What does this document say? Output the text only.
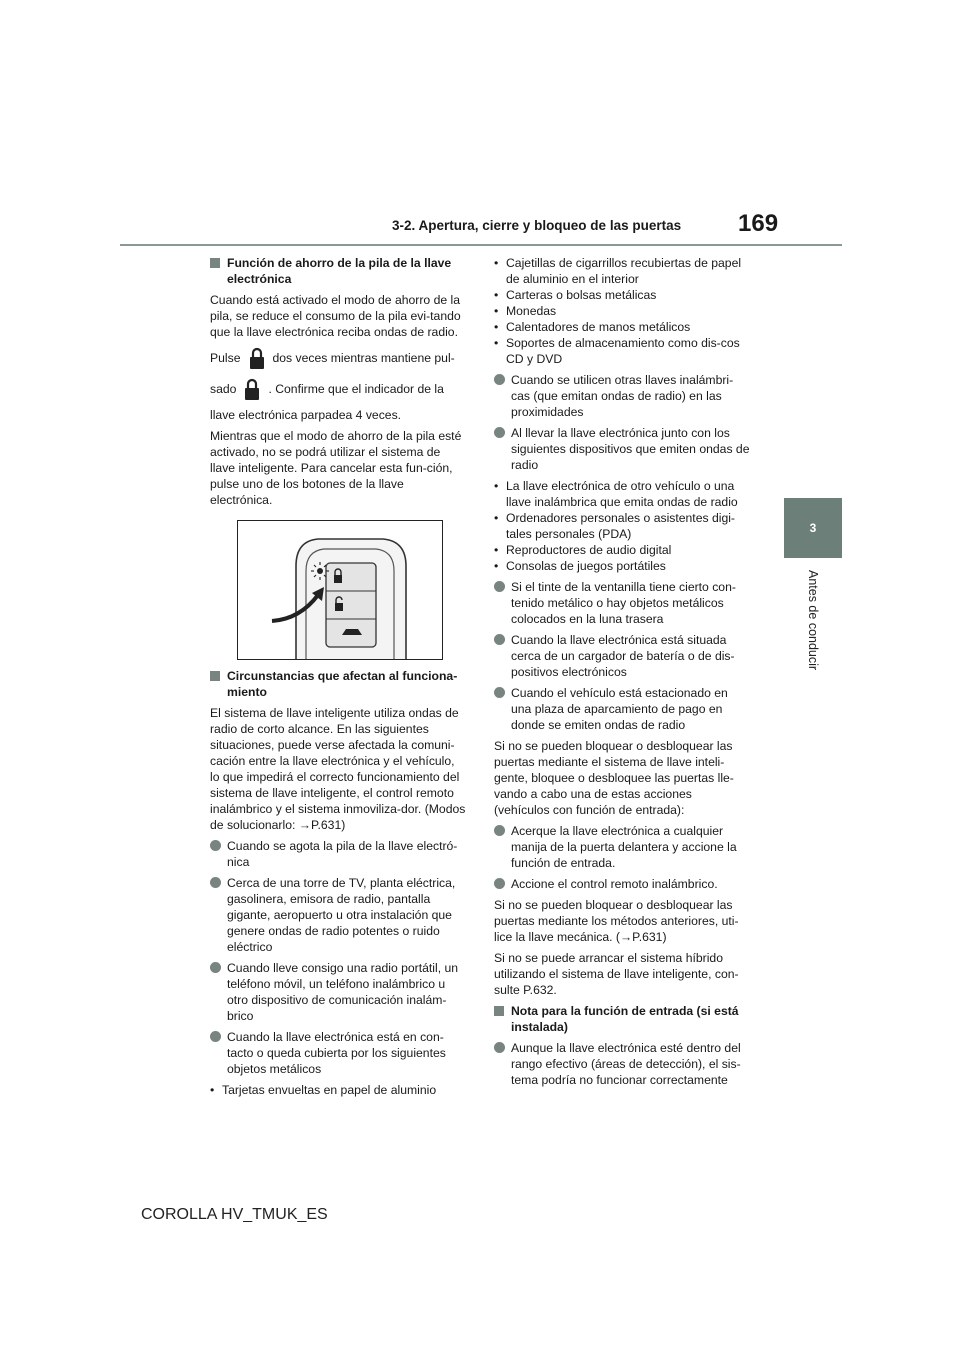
3-2. Apertura, cierre y bloqueo de las puertas 169
3
Antes de conducir
Función de ahorro de la pila de la llave electrónica

Cuando está activado el modo de ahorro de la pila, se reduce el consumo de la pila evi-tando que la llave electrónica reciba ondas de radio.

Pulse	dos veces mientras mantiene pul-

sado	. Confirme que el indicador de la

llave electrónica parpadea 4 veces.

Mientras que el modo de ahorro de la pila esté activado, no se podrá utilizar el sistema de llave inteligente. Para cancelar esta fun-ción, pulse uno de los botones de la llave electrónica.

Circunstancias que afectan al funciona-miento

El sistema de llave inteligente utiliza ondas de radio de corto alcance. En las siguientes situaciones, puede verse afectada la comuni-cación entre la llave electrónica y el vehículo, lo que impedirá el correcto funcionamiento del sistema de llave inteligente, el control remoto inalámbrico y el sistema inmoviliza-dor. (Modos de solucionarlo: →P.631)

Cuando se agota la pila de la llave electró-nica
Cerca de una torre de TV, planta eléctrica, gasolinera, emisora de radio, pantalla gigante, aeropuerto u otra instalación que genere ondas de radio potentes o ruido eléctrico
Cuando lleve consigo una radio portátil, un teléfono móvil, un teléfono inalámbrico u otro dispositivo de comunicación inalám-brico
Cuando la llave electrónica está en con-tacto o queda cubierta por los siguientes objetos metálicos
• Tarjetas envueltas en papel de aluminio
• Cajetillas de cigarrillos recubiertas de papel de aluminio en el interior
• Carteras o bolsas metálicas
• Monedas
• Calentadores de manos metálicos
• Soportes de almacenamiento como dis-cos CD y DVD
Cuando se utilicen otras llaves inalámbri-cas (que emitan ondas de radio) en las proximidades
Al llevar la llave electrónica junto con los siguientes dispositivos que emiten ondas de radio
• La llave electrónica de otro vehículo o una llave inalámbrica que emita ondas de radio
• Ordenadores personales o asistentes digi-tales personales (PDA)
• Reproductores de audio digital
• Consolas de juegos portátiles
Si el tinte de la ventanilla tiene cierto con-tenido metálico o hay objetos metálicos colocados en la luna trasera
Cuando la llave electrónica está situada cerca de un cargador de batería o de dis-positivos electrónicos
Cuando el vehículo está estacionado en una plaza de aparcamiento de pago en donde se emiten ondas de radio

Si no se pueden bloquear o desbloquear las puertas mediante el sistema de llave inteli-gente, bloquee o desbloquee las puertas lle-vando a cabo una de estas acciones (vehículos con función de entrada):

Acerque la llave electrónica a cualquier manija de la puerta delantera y accione la función de entrada.
Accione el control remoto inalámbrico.

Si no se pueden bloquear o desbloquear las puertas mediante los métodos anteriores, uti-lice la llave mecánica. (→P.631)

Si no se puede arrancar el sistema híbrido utilizando el sistema de llave inteligente, con-sulte P.632.

Nota para la función de entrada (si está instalada)
Aunque la llave electrónica esté dentro del rango efectivo (áreas de detección), el sis-tema podría no funcionar correctamente
COROLLA HV_TMUK_ES
